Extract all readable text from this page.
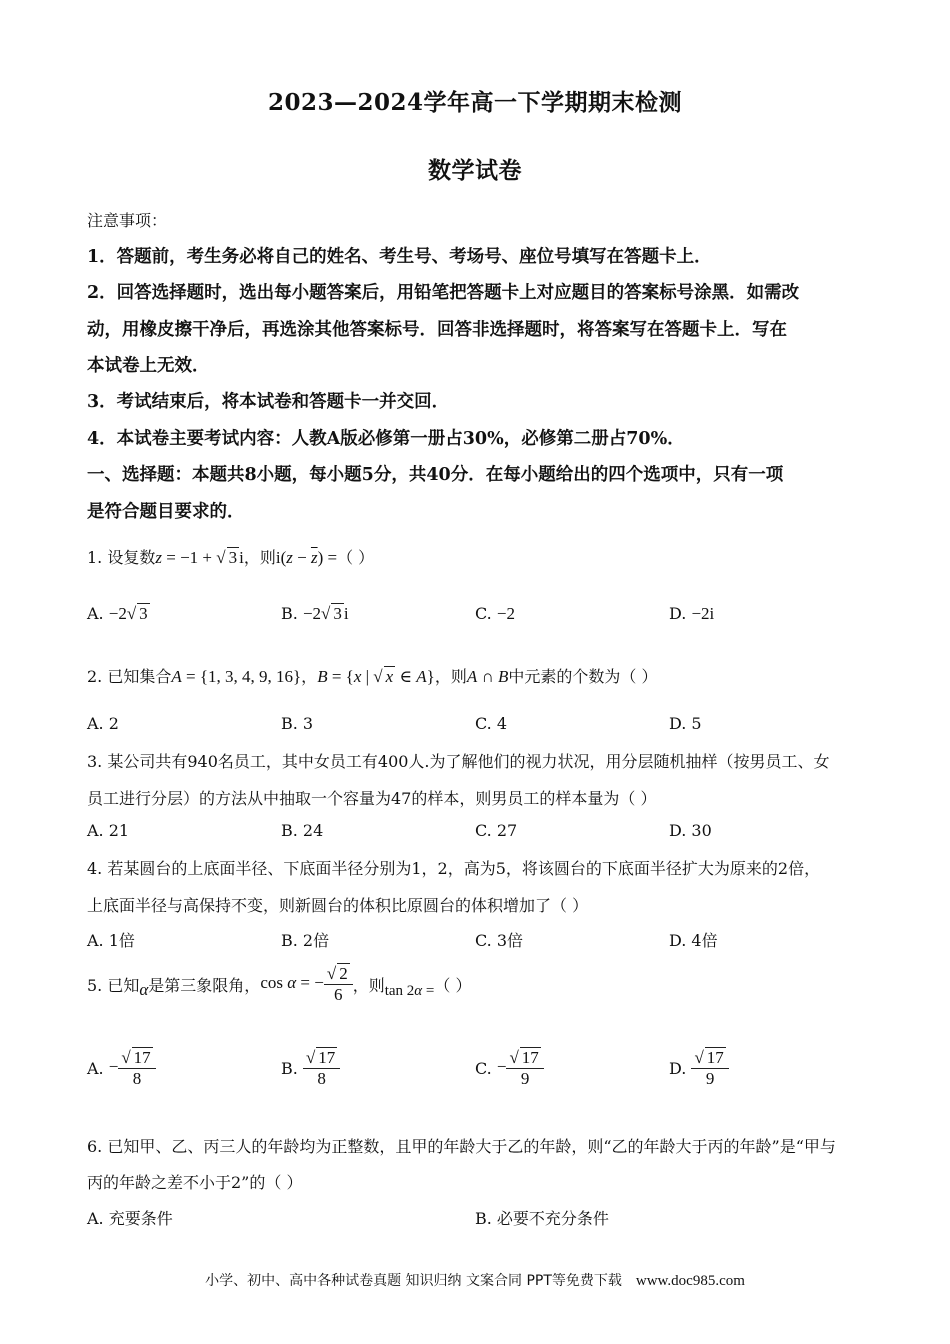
2023—2024学年高一下学期期末检测
数学试卷
注意事项：
1．答题前，考生务必将自己的姓名、考生号、考场号、座位号填写在答题卡上．
2．回答选择题时，选出每小题答案后，用铅笔把答题卡上对应题目的答案标号涂黑．如需改
动，用橡皮擦干净后，再选涂其他答案标号．回答非选择题时，将答案写在答题卡上．写在
本试卷上无效．
3．考试结束后，将本试卷和答题卡一并交回．
4．本试卷主要考试内容：人教A版必修第一册占30%，必修第二册占70%．
一、选择题：本题共8小题，每小题5分，共40分．在每小题给出的四个选项中，只有一项
是符合题目要求的．
1. 设复数z = −1 + √ 3 i，则$i(z - \overline{z})$ =（ ）
A. −2√ 3	B. −2√ 3 i	C. −2	D. −2i
2. 已知集合A = {1, 3, 4, 9, 16}，B = {x | √ x ∈ A}，则A ∩ B中元素的个数为（ ）
A. 2	B. 3	C. 4	D. 5
3. 某公司共有940名员工，其中女员工有400人.为了解他们的视力状况，用分层随机抽样（按男员工、女
员工进行分层）的方法从中抽取一个容量为47的样本，则男员工的样本量为（ ）
A. 21	B. 24	C. 27	D. 30
4. 若某圆台的上底面半径、下底面半径分别为1，2，高为5，将该圆台的下底面半径扩大为原来的2倍，
上底面半径与高保持不变，则新圆台的体积比原圆台的体积增加了（ ）
A. 1倍	B. 2倍	C. 3倍	D. 4倍
5. 已知α是第三象限角，cos α = − $\frac{√ 2}{6}$ ，则tan 2α =（ ）
A. − $\frac{√ 17}{8}$	B. $\frac{√ 17}{8}$	C. − $\frac{√ 17}{9}$	D. $\frac{√ 17}{9}$
6. 已知甲、乙、丙三人的年龄均为正整数，且甲的年龄大于乙的年龄，则“乙的年龄大于丙的年龄”是“甲与
丙的年龄之差不小于2”的（ ）
A. 充要条件	B. 必要不充分条件
小学、初中、高中各种试卷真题 知识归纳 文案合同 PPT等免费下载 www.doc985.com
